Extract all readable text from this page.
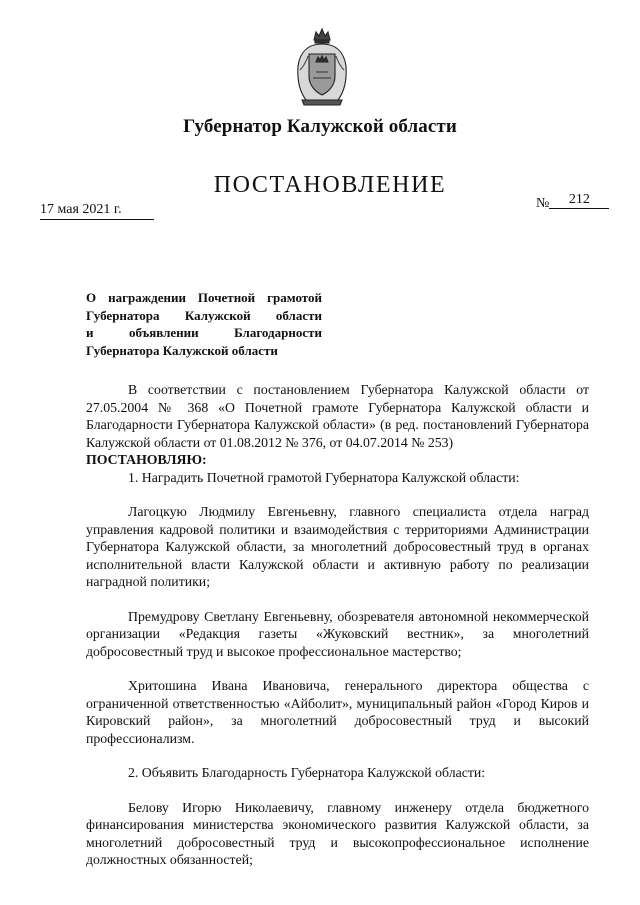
Губернатор Калужской области
ПОСТАНОВЛЕНИЕ
17 мая 2021 г.	№ 212
О награждении Почетной грамотой
Губернатора Калужской области
и объявлении Благодарности
Губернатора Калужской области

В соответствии с постановлением Губернатора Калужской области от 27.05.2004 № 368 «О Почетной грамоте Губернатора Калужской области и Благодарности Губернатора Калужской области» (в ред. постановлений Губернатора Калужской области от 01.08.2012 № 376, от 04.07.2014 № 253)

ПОСТАНОВЛЯЮ:

1. Наградить Почетной грамотой Губернатора Калужской области:

Лагоцкую Людмилу Евгеньевну, главного специалиста отдела наград управления кадровой политики и взаимодействия с территориями Администрации Губернатора Калужской области, за многолетний добросовестный труд в органах исполнительной власти Калужской области и активную работу по реализации наградной политики;

Премудрову Светлану Евгеньевну, обозревателя автономной некоммерческой организации «Редакция газеты «Жуковский вестник», за многолетний добросовестный труд и высокое профессиональное мастерство;

Хритошина Ивана Ивановича, генерального директора общества с ограниченной ответственностью «Айболит», муниципальный район «Город Киров и Кировский район», за многолетний добросовестный труд и высокий профессионализм.

2. Объявить Благодарность Губернатора Калужской области:

Белову Игорю Николаевичу, главному инженеру отдела бюджетного финансирования министерства экономического развития Калужской области, за многолетний добросовестный труд и высокопрофессиональное исполнение должностных обязанностей;
